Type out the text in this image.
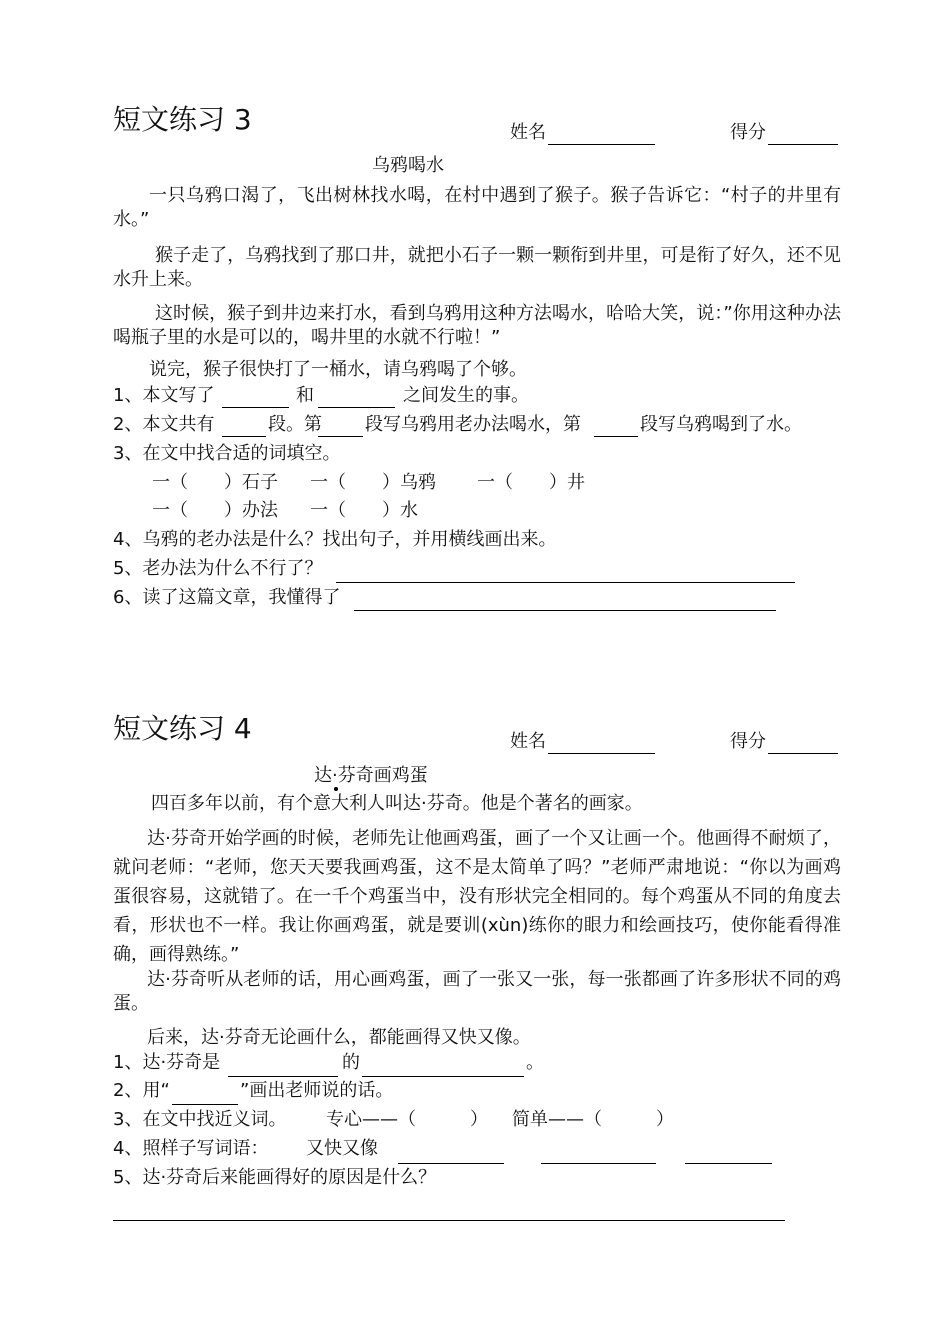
短文练习 3	姓名	得分
乌鸦喝水
一只乌鸦口渴了，飞出树林找水喝，在村中遇到了猴子。猴子告诉它：“村子的井里有水。”
猴子走了，乌鸦找到了那口井，就把小石子一颗一颗衔到井里，可是衔了好久，还不见水升上来。
这时候，猴子到井边来打水，看到乌鸦用这种方法喝水，哈哈大笑，说：”你用这种办法喝瓶子里的水是可以的，喝井里的水就不行啦！”
说完，猴子很快打了一桶水，请乌鸦喝了个够。
1、本文写了	和	之间发生的事。
2、本文共有	段。第 段写乌鸦用老办法喝水，第	段写乌鸦喝到了水。
3、在文中找合适的词填空。
一（　　）石子 一（　　）乌鸦 一（　　）井
一（　　）办法 一（　　）水
4、乌鸦的老办法是什么？找出句子，并用横线画出来。
5、老办法为什么不行了？
6、读了这篇文章，我懂得了
短文练习 4	姓名	得分
达·芬奇画鸡蛋
四百多年以前，有个意大利人叫达·芬奇。他是个著名的画家。
达·芬奇开始学画的时候，老师先让他画鸡蛋，画了一个又让画一个。他画得不耐烦了，就问老师：“老师，您天天要我画鸡蛋，这不是太简单了吗？”老师严肃地说：“你以为画鸡蛋很容易，这就错了。在一千个鸡蛋当中，没有形状完全相同的。每个鸡蛋从不同的角度去看，形状也不一样。我让你画鸡蛋，就是要训(xùn)练你的眼力和绘画技巧，使你能看得准确，画得熟练。”
达·芬奇听从老师的话，用心画鸡蛋，画了一张又一张，每一张都画了许多形状不同的鸡蛋。
后来，达·芬奇无论画什么，都能画得又快又像。
1、达·芬奇是	的	。
2、用“	”画出老师说的话。
3、在文中找近义词。 专心——（　　　） 简单——（　　　）
4、照样子写词语： 又快又像
5、达·芬奇后来能画得好的原因是什么？
